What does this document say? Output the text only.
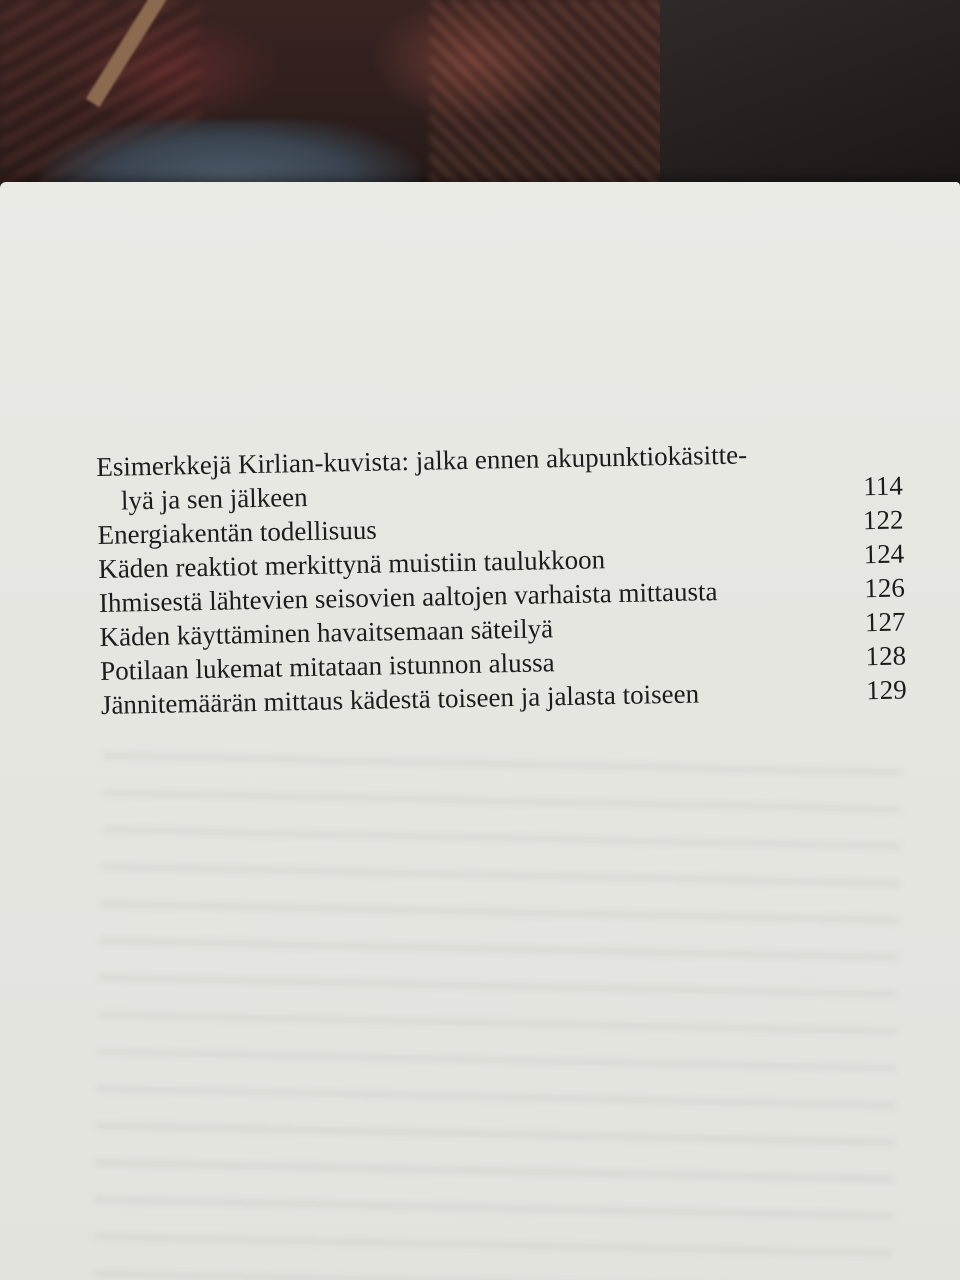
Esimerkkejä Kirlian-kuvista: jalka ennen akupunktiokäsitte-
lyä ja sen jälkeen	114
Energiakentän todellisuus	122
Käden reaktiot merkittynä muistiin taulukkoon	124
Ihmisestä lähtevien seisovien aaltojen varhaista mittausta	126
Käden käyttäminen havaitsemaan säteilyä	127
Potilaan lukemat mitataan istunnon alussa	128
Jännitemäärän mittaus kädestä toiseen ja jalasta toiseen	129
